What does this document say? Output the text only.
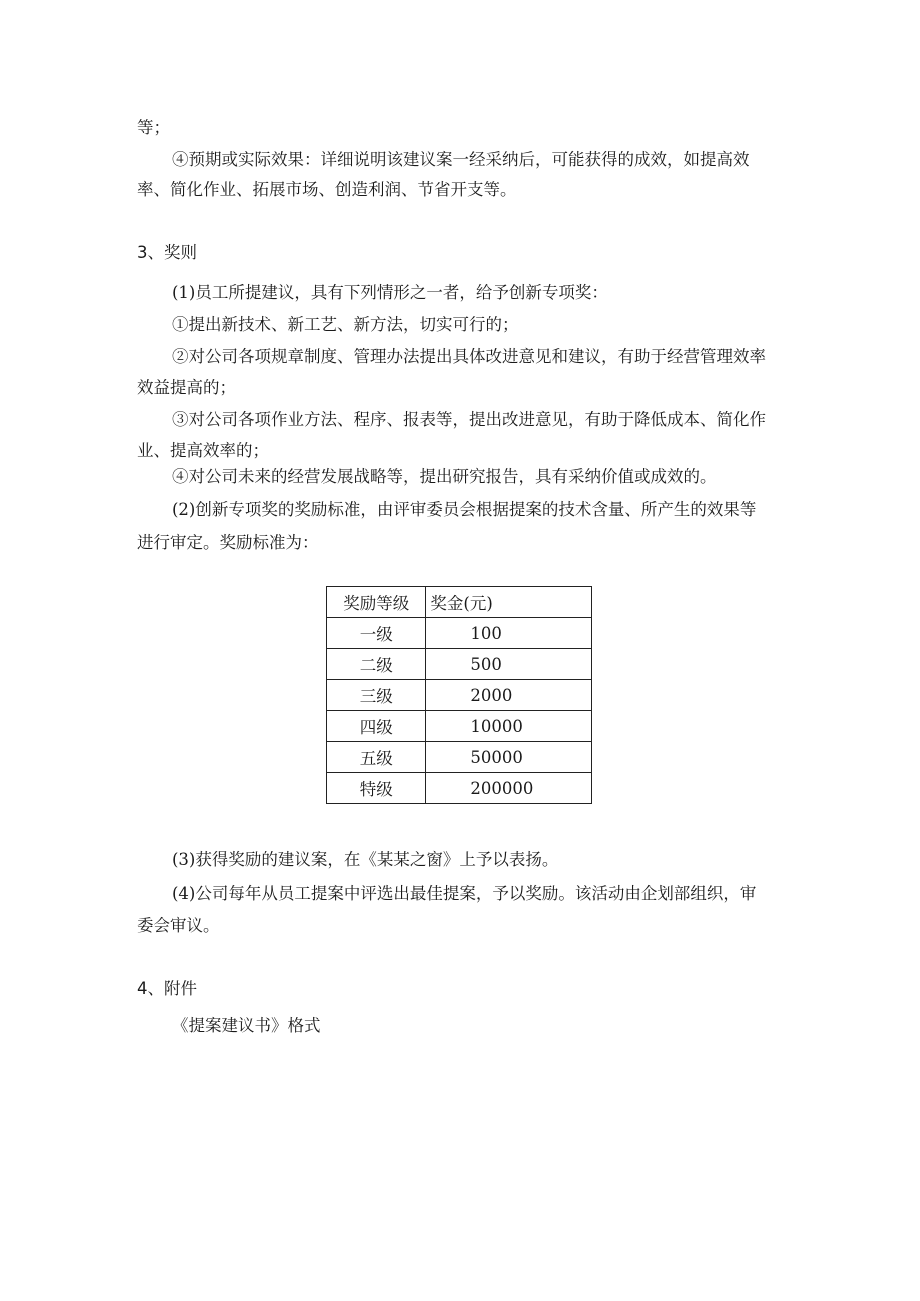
等；

④预期或实际效果：详细说明该建议案一经采纳后，可能获得的成效，如提高效

率、简化作业、拓展市场、创造利润、节省开支等。

3、奖则

(1)员工所提建议，具有下列情形之一者，给予创新专项奖：

①提出新技术、新工艺、新方法，切实可行的；

②对公司各项规章制度、管理办法提出具体改进意见和建议，有助于经营管理效率

效益提高的；

③对公司各项作业方法、程序、报表等，提出改进意见，有助于降低成本、简化作

业、提高效率的；

④对公司未来的经营发展战略等，提出研究报告，具有采纳价值或成效的。

(2)创新专项奖的奖励标准，由评审委员会根据提案的技术含量、所产生的效果等

进行审定。奖励标准为：

奖励等级	奖金(元)
一级	100
二级	500
三级	2000
四级	10000
五级	50000
特级	200000

(3)获得奖励的建议案，在《某某之窗》上予以表扬。

(4)公司每年从员工提案中评选出最佳提案，予以奖励。该活动由企划部组织，审

委会审议。

4、附件

《提案建议书》格式
